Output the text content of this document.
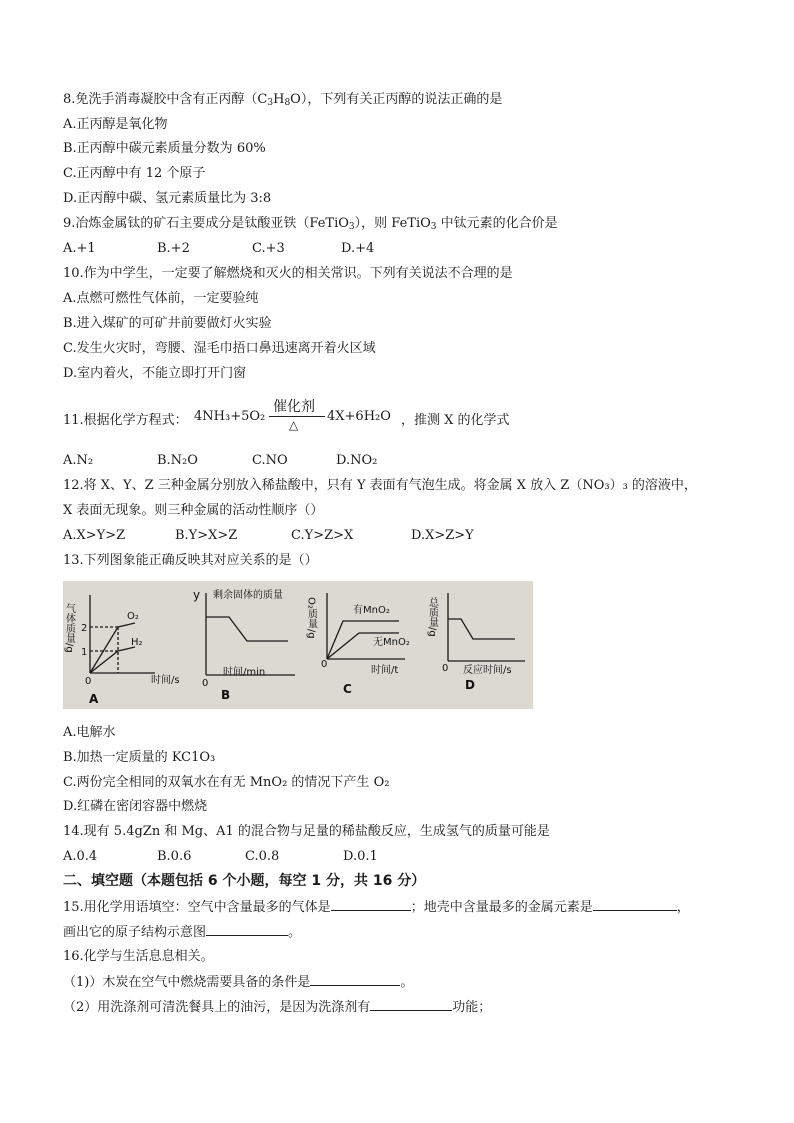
8.免洗手消毒凝胶中含有正丙醇$(C_3H_8O)$，下列有关正丙醇的说法正确的是
A.正丙醇是氧化物
B.正丙醇中碳元素质量分数为 60%
C.正丙醇中有 12 个原子
D.正丙醇中碳、氢元素质量比为 3:8
9.冶炼金属钛的矿石主要成分是钛酸亚铁（FeTiO$_3$），则 FeTiO$_3$ 中钛元素的化合价是
A.+1	B.+2	C.+3	D.+4
10.作为中学生，一定要了解燃烧和灭火的相关常识。下列有关说法不合理的是
A.点燃可燃性气体前，一定要验纯
B.进入煤矿的可矿井前要做灯火实验
C.发生火灾时，弯腰、湿毛巾捂口鼻迅速离开着火区域
D.室内着火，不能立即打开门窗
11.根据化学方程式： 4NH₃+5O₂
催化剂
△
4X+6H₂O ，推测 X 的化学式
A.N₂	B.N₂O	C.NO	D.NO₂
12.将 X、Y、Z 三种金属分别放入稀盐酸中，只有 Y 表面有气泡生成。将金属 X 放入 Z（NO₃）₃ 的溶液中，
X 表面无现象。则三种金属的活动性顺序（）
A.X>Y>Z	B.Y>X>Z	C.Y>Z>X	D.X>Z>Y
13.下列图象能正确反映其对应关系的是（）
气体质量/g 2
1
O₂
H₂
0	时间/s
A
y 剩余固体的质量
0
时间/min
B
O₂质量/g	有MnO₂
无MnO₂
0
时间/t
C
总质量/g
0 反应时间/s
D
A.电解水
B.加热一定质量的 KC1O₃
C.两份完全相同的双氧水在有无 MnO₂ 的情况下产生 O₂
D.红磷在密闭容器中燃烧
14.现有 5.4gZn 和 Mg、A1 的混合物与足量的稀盐酸反应，生成氢气的质量可能是
A.0.4	B.0.6	C.0.8	D.0.1
二、填空题（本题包括 6 个小题，每空 1 分，共 16 分）
15.用化学用语填空：空气中含量最多的气体是	；地壳中含量最多的金属元素是	，
画出它的原子结构示意图	。
16.化学与生活息息相关。
（1)）木炭在空气中燃烧需要具备的条件是	。
（2）用洗涤剂可清洗餐具上的油污，是因为洗涤剂有	功能；
